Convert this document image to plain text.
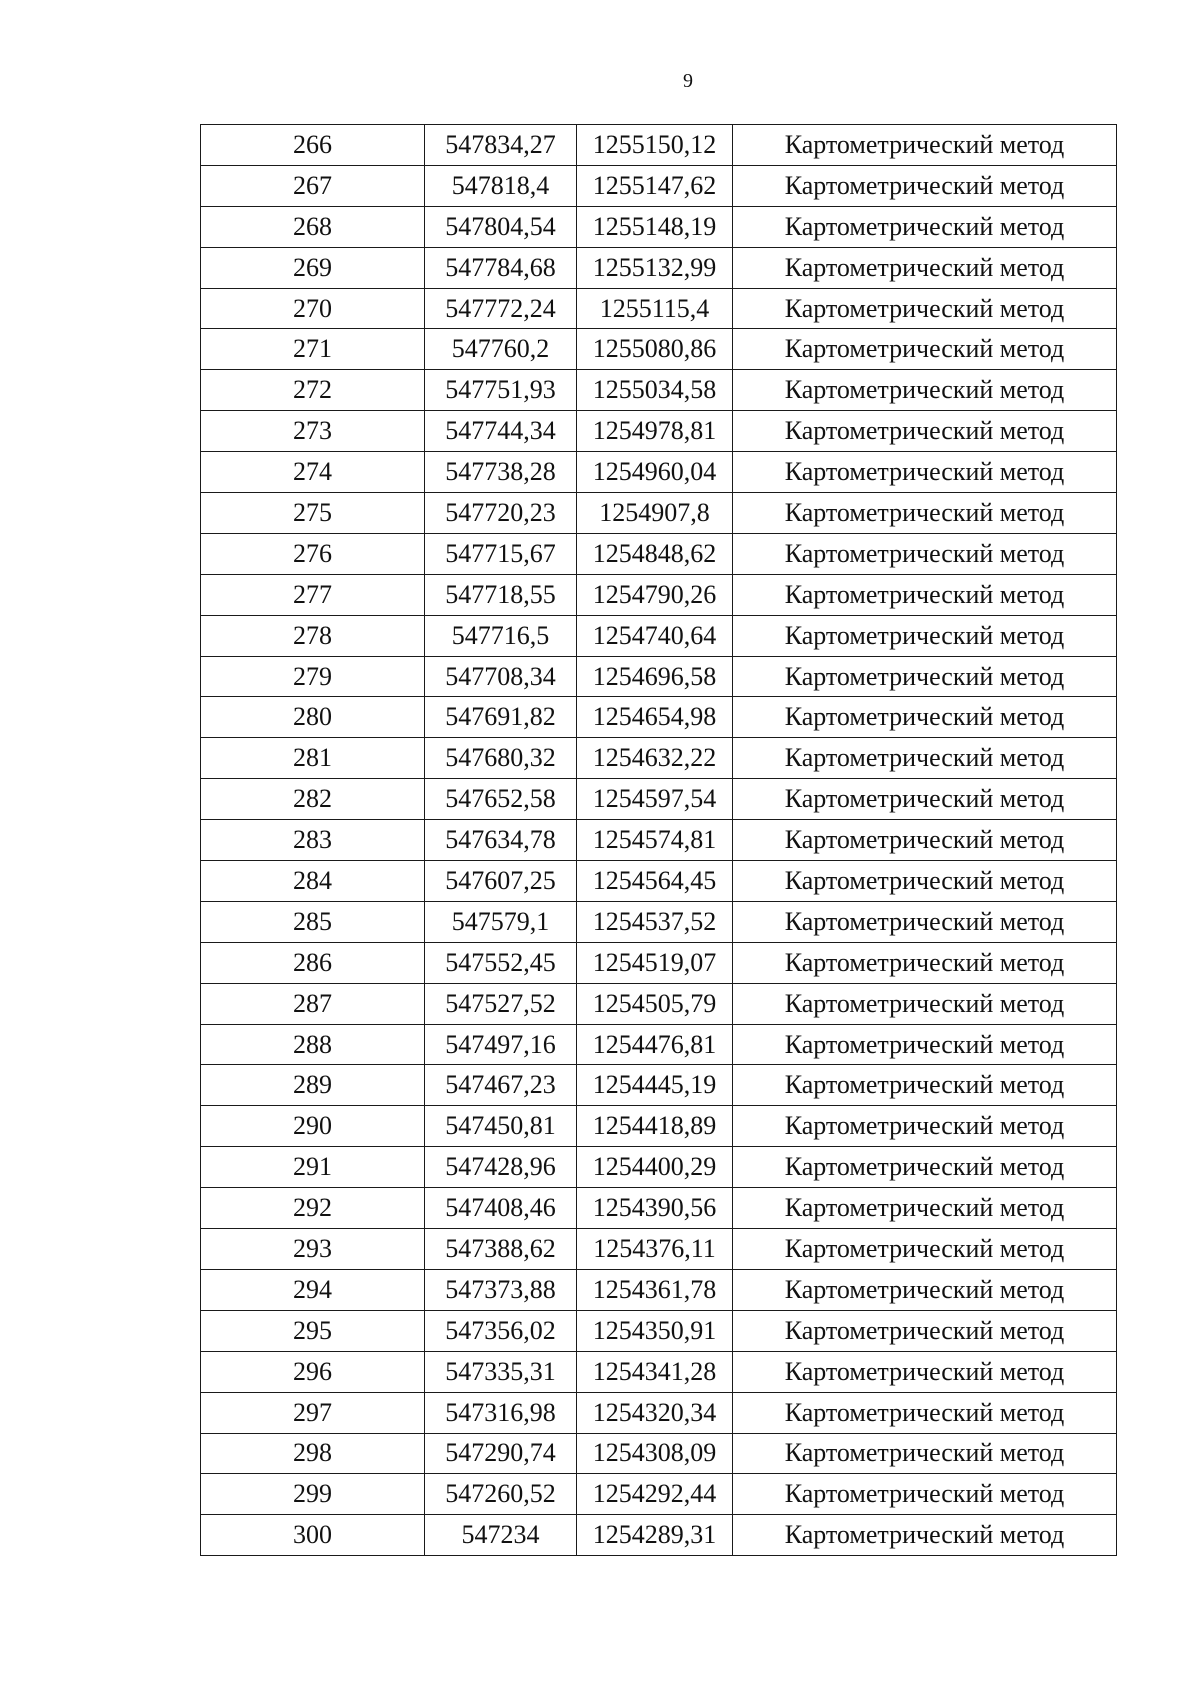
9
266	547834,27	1255150,12	Картометрический метод
267	547818,4	1255147,62	Картометрический метод
268	547804,54	1255148,19	Картометрический метод
269	547784,68	1255132,99	Картометрический метод
270	547772,24	1255115,4	Картометрический метод
271	547760,2	1255080,86	Картометрический метод
272	547751,93	1255034,58	Картометрический метод
273	547744,34	1254978,81	Картометрический метод
274	547738,28	1254960,04	Картометрический метод
275	547720,23	1254907,8	Картометрический метод
276	547715,67	1254848,62	Картометрический метод
277	547718,55	1254790,26	Картометрический метод
278	547716,5	1254740,64	Картометрический метод
279	547708,34	1254696,58	Картометрический метод
280	547691,82	1254654,98	Картометрический метод
281	547680,32	1254632,22	Картометрический метод
282	547652,58	1254597,54	Картометрический метод
283	547634,78	1254574,81	Картометрический метод
284	547607,25	1254564,45	Картометрический метод
285	547579,1	1254537,52	Картометрический метод
286	547552,45	1254519,07	Картометрический метод
287	547527,52	1254505,79	Картометрический метод
288	547497,16	1254476,81	Картометрический метод
289	547467,23	1254445,19	Картометрический метод
290	547450,81	1254418,89	Картометрический метод
291	547428,96	1254400,29	Картометрический метод
292	547408,46	1254390,56	Картометрический метод
293	547388,62	1254376,11	Картометрический метод
294	547373,88	1254361,78	Картометрический метод
295	547356,02	1254350,91	Картометрический метод
296	547335,31	1254341,28	Картометрический метод
297	547316,98	1254320,34	Картометрический метод
298	547290,74	1254308,09	Картометрический метод
299	547260,52	1254292,44	Картометрический метод
300	547234	1254289,31	Картометрический метод
